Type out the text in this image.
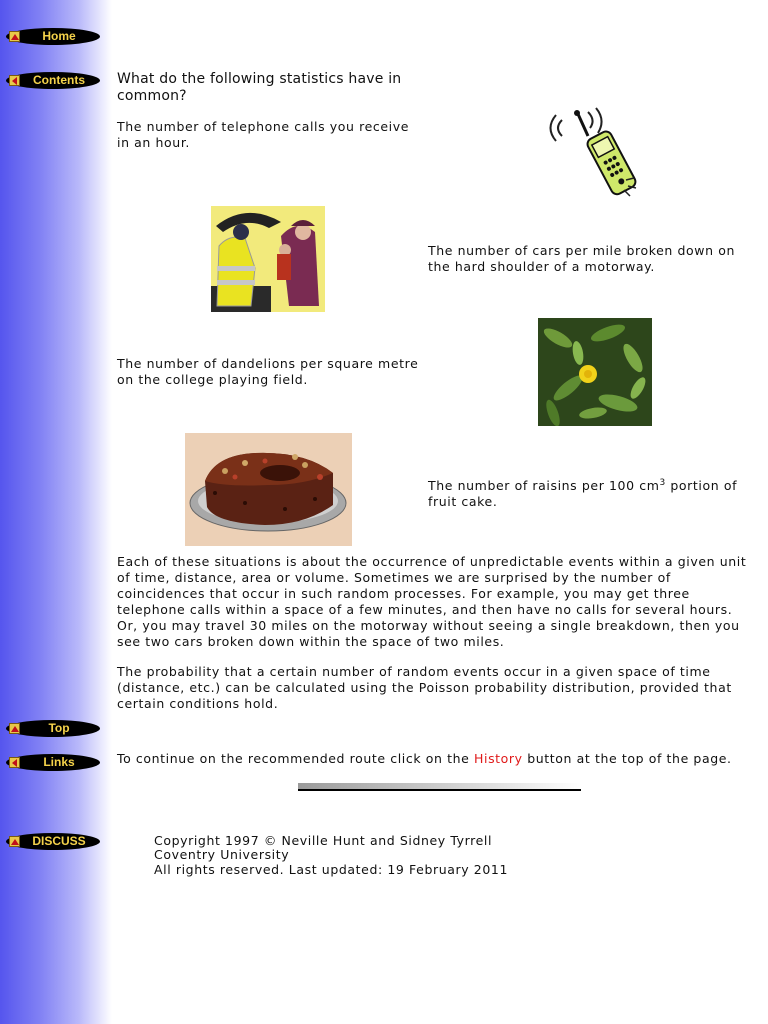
Home
Contents
Top
Links
DISCUSS
What do the following statistics have in common?
The number of telephone calls you receive in an hour.
The number of cars per mile broken down on the hard shoulder of a motorway.
The number of dandelions per square metre on the college playing field.
The number of raisins per 100 $cm^3$ portion of fruit cake.
Each of these situations is about the occurrence of unpredictable events within a given unit of time, distance, area or volume. Sometimes we are surprised by the number of coincidences that occur in such random processes. For example, you may get three telephone calls within a space of a few minutes, and then have no calls for several hours. Or, you may travel 30 miles on the motorway without seeing a single breakdown, then you see two cars broken down within the space of two miles.
The probability that a certain number of random events occur in a given space of time (distance, etc.) can be calculated using the Poisson probability distribution, provided that certain conditions hold.
To continue on the recommended route click on the History button at the top of the page.
Copyright 1997 © Neville Hunt and Sidney Tyrrell
Coventry University
All rights reserved. Last updated: 19 February 2011
